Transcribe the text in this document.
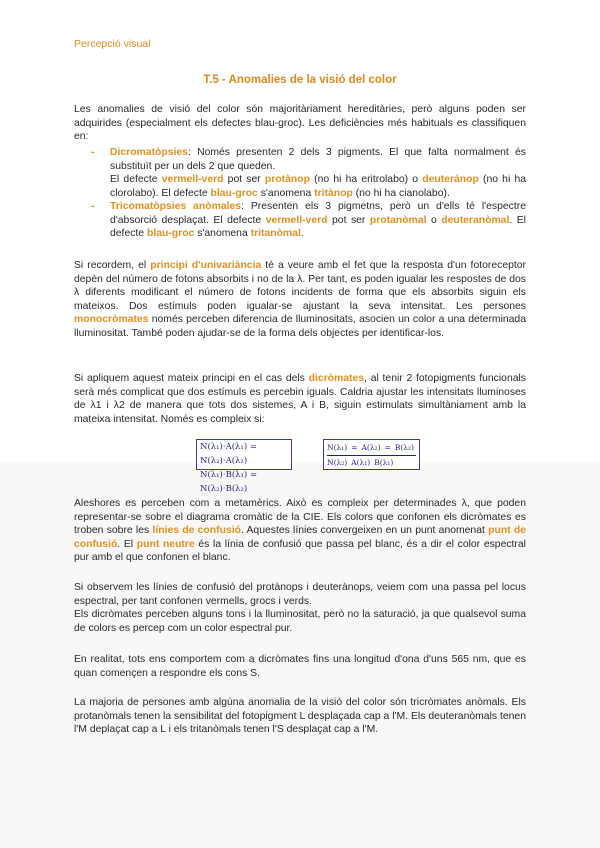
Percepció visual
T.5 - Anomalies de la visió del color

Les anomalies de visió del color són majoritàriament hereditàries, però alguns poden ser adquirides (especialment els defectes blau-groc). Les deficiències més habituals es classifiquen en:

- Dicromatòpsies: Només presenten 2 dels 3 pigments. El que falta normalment és substituït per un dels 2 que queden.
El defecte vermell-verd pot ser protànop (no hi ha eritrolabo) o deuteránop (no hi ha clorolabo). El defecte blau-groc s'anomena tritànop (no hi ha cianolabo).
- Tricomatòpsies anòmales: Presenten els 3 pigmetns, però un d'ells té l'espectre d'absorció desplaçat. El defecte vermell-verd pot ser protanòmal o deuteranòmal. El defecte blau-groc s'anomena tritanòmal.

Si recordem, el principi d'univariància té a veure amb el fet que la resposta d'un fotoreceptor depèn del número de fotons absorbits i no de la λ. Per tant, es poden igualar les respostes de dos λ diferents modificant el número de fotons incidents de forma que els absorbits siguin els mateixos. Dos estímuls poden igualar-se ajustant la seva intensitat. Les persones monocròmates només perceben diferencia de lluminositats, asocien un color a una determinada lluminositat. També poden ajudar-se de la forma dels objectes per identificar-los.

Si apliquem aquest mateix principi en el cas dels dicròmates, al tenir 2 fotopigments funcionals serà més complicat que dos estímuls es percebin iguals. Caldria ajustar les intensitats lluminoses de λ1 i λ2 de manera que tots dos sistemes, A i B, siguin estimulats simultàniament amb la mateixa intensitat. Només es compleix si:

N(λ₁)·A(λ₁) = N(λ₂)·A(λ₂)
N(λ₁)·B(λ₁) = N(λ₂)·B(λ₂)
N(λ₁) = A(λ₂) = B(λ₂)
N(λ₂) A(λ₁) B(λ₁)

Aleshores es perceben com a metamèrics. Això es compleix per determinades λ, que poden representar-se sobre el diagrama cromàtic de la CIE. Els colors que confonen els dicròmates es troben sobre les línies de confusió. Aquestes línies convergeixen en un punt anomenat punt de confusió. El punt neutre és la línia de confusió que passa pel blanc, és a dir el color espectral pur amb el que confonen el blanc.

Si observem les línies de confusió del protànops i deuterànops, veiem com una passa pel locus espectral, per tant confonen vermells, grocs i verds.
Els dicròmates perceben alguns tons i la lluminositat, però no la saturació, ja que qualsevol suma de colors es percep com un color espectral pur.

En realitat, tots ens comportem com a dicròmates fins una longitud d'ona d'uns 565 nm, que es quan començen a respondre els cons S.

La majoria de persones amb algúna anomalia de la visió del color són tricròmates anòmals. Els protanòmals tenen la sensibilitat del fotopigment L desplaçada cap a l'M. Els deuteranòmals tenen l'M deplaçat cap a L i els tritanòmals tenen l'S desplaçat cap a l'M.
